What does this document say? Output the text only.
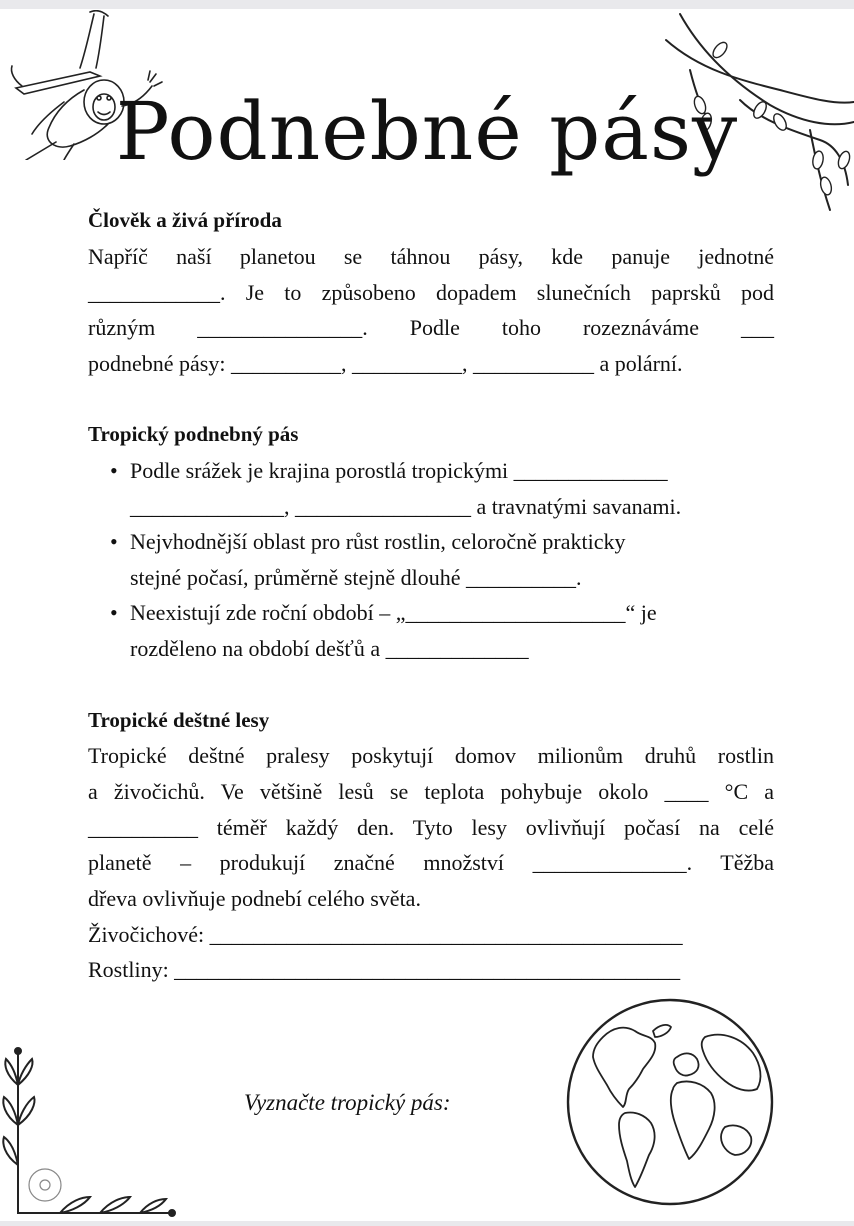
Podnebné pásy
Člověk a živá příroda
Napříč naší planetou se táhnou pásy, kde panuje jednotné
____________. Je to způsobeno dopadem slunečních paprsků pod
různým _______________. Podle toho rozeznáváme ___
podnebné pásy: __________, __________, ___________ a polární.
Tropický podnebný pás
• Podle srážek je krajina porostlá tropickými ______________
______________, ________________ a travnatými savanami.
• Nejvhodnější oblast pro růst rostlin, celoročně prakticky
stejné počasí, průměrně stejně dlouhé __________.
• Neexistují zde roční období – „____________________“ je
rozděleno na období dešťů a _____________
Tropické deštné lesy
Tropické deštné pralesy poskytují domov milionům druhů rostlin
a živočichů. Ve většině lesů se teplota pohybuje okolo ____ °C a
__________ téměř každý den. Tyto lesy ovlivňují počasí na celé
planetě – produkují značné množství ______________. Těžba
dřeva ovlivňuje podnebí celého světa.
Živočichové: ___________________________________________
Rostliny: ______________________________________________
Vyznačte tropický pás:
